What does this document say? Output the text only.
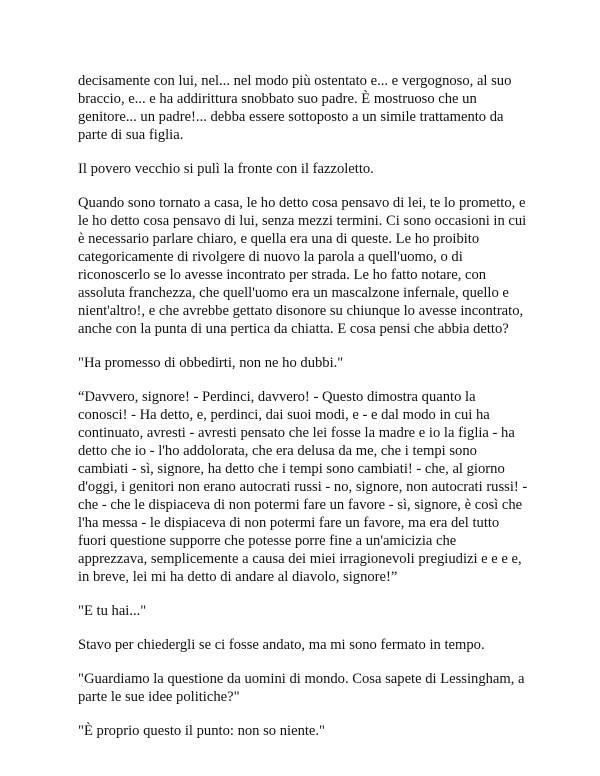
decisamente con lui, nel... nel modo più ostentato e... e vergognoso, al suo braccio, e... e ha addirittura snobbato suo padre. È mostruoso che un genitore... un padre!... debba essere sottoposto a un simile trattamento da parte di sua figlia.

Il povero vecchio si pulì la fronte con il fazzoletto.

Quando sono tornato a casa, le ho detto cosa pensavo di lei, te lo prometto, e le ho detto cosa pensavo di lui, senza mezzi termini. Ci sono occasioni in cui è necessario parlare chiaro, e quella era una di queste. Le ho proibito categoricamente di rivolgere di nuovo la parola a quell'uomo, o di riconoscerlo se lo avesse incontrato per strada. Le ho fatto notare, con assoluta franchezza, che quell'uomo era un mascalzone infernale, quello e nient'altro!, e che avrebbe gettato disonore su chiunque lo avesse incontrato, anche con la punta di una pertica da chiatta. E cosa pensi che abbia detto?

"Ha promesso di obbedirti, non ne ho dubbi."

“Davvero, signore! - Perdinci, davvero! - Questo dimostra quanto la conosci! - Ha detto, e, perdinci, dai suoi modi, e - e dal modo in cui ha continuato, avresti - avresti pensato che lei fosse la madre e io la figlia - ha detto che io - l'ho addolorata, che era delusa da me, che i tempi sono cambiati - sì, signore, ha detto che i tempi sono cambiati! - che, al giorno d'oggi, i genitori non erano autocrati russi - no, signore, non autocrati russi! - che - che le dispiaceva di non potermi fare un favore - sì, signore, è così che l'ha messa - le dispiaceva di non potermi fare un favore, ma era del tutto fuori questione supporre che potesse porre fine a un'amicizia che apprezzava, semplicemente a causa dei miei irragionevoli pregiudizi e e e e, in breve, lei mi ha detto di andare al diavolo, signore!”

"E tu hai..."

Stavo per chiedergli se ci fosse andato, ma mi sono fermato in tempo.

"Guardiamo la questione da uomini di mondo. Cosa sapete di Lessingham, a parte le sue idee politiche?"

"È proprio questo il punto: non so niente."
